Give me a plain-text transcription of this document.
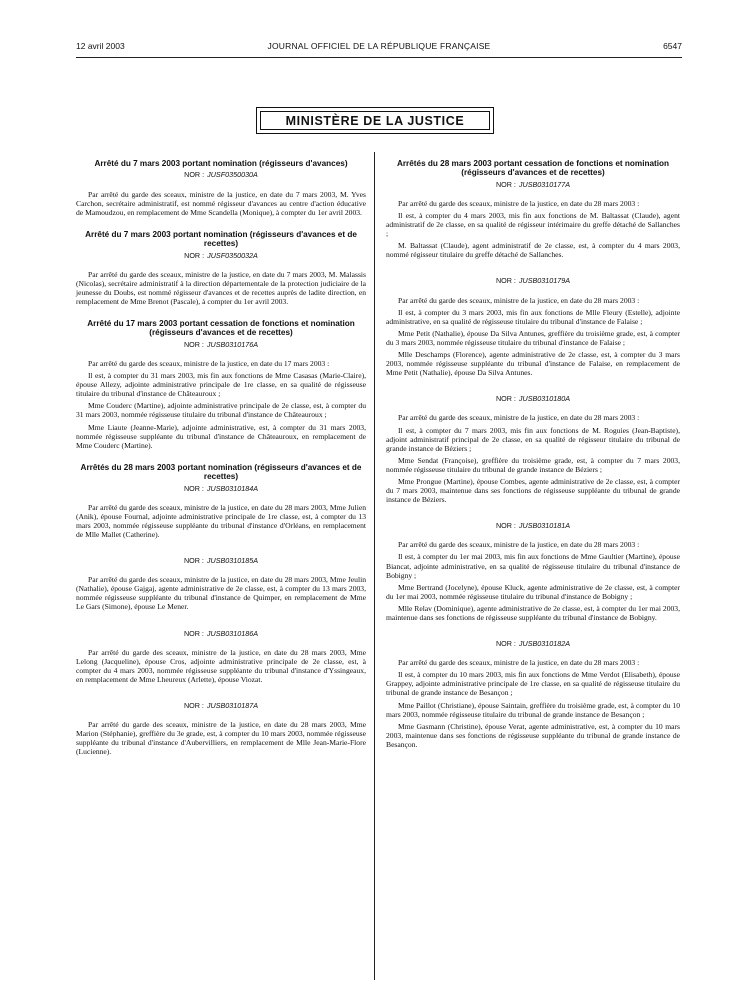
12 avril 2003	JOURNAL OFFICIEL DE LA RÉPUBLIQUE FRANÇAISE	6547
MINISTÈRE DE LA JUSTICE
Arrêté du 7 mars 2003 portant nomination (régisseurs d'avances)
NOR : JUSF0350030A

Par arrêté du garde des sceaux, ministre de la justice, en date du 7 mars 2003, M. Yves Carchon, secrétaire administratif, est nommé régisseur d'avances au centre d'action éducative de Mamoudzou, en remplacement de Mme Scandella (Monique), à compter du 1er avril 2003.

Arrêté du 7 mars 2003 portant nomination (régisseurs d'avances et de recettes)
NOR : JUSF0350032A

Par arrêté du garde des sceaux, ministre de la justice, en date du 7 mars 2003, M. Malassis (Nicolas), secrétaire administratif à la direction départementale de la protection judiciaire de la jeunesse du Doubs, est nommé régisseur d'avances et de recettes auprès de ladite direction, en remplacement de Mme Brenot (Pascale), à compter du 1er avril 2003.

Arrêté du 17 mars 2003 portant cessation de fonctions et nomination (régisseurs d'avances et de recettes)
NOR : JUSB0310176A

Par arrêté du garde des sceaux, ministre de la justice, en date du 17 mars 2003 :

Il est, à compter du 31 mars 2003, mis fin aux fonctions de Mme Casasas (Marie-Claire), épouse Allezy, adjointe administrative principale de 1re classe, en sa qualité de régisseuse titulaire du tribunal d'instance de Châteauroux ;

Mme Couderc (Martine), adjointe administrative principale de 2e classe, est, à compter du 31 mars 2003, nommée régisseuse titulaire du tribunal d'instance de Châteauroux ;

Mme Liaute (Jeanne-Marie), adjointe administrative, est, à compter du 31 mars 2003, nommée régisseuse suppléante du tribunal d'instance de Châteauroux, en remplacement de Mme Couderc (Martine).

Arrêtés du 28 mars 2003 portant nomination (régisseurs d'avances et de recettes)
NOR : JUSB0310184A

Par arrêté du garde des sceaux, ministre de la justice, en date du 28 mars 2003, Mme Julien (Anik), épouse Fournal, adjointe administrative principale de 1re classe, est, à compter du 13 mars 2003, nommée régisseuse suppléante du tribunal d'instance d'Orléans, en remplacement de Mlle Mallet (Catherine).

NOR : JUSB0310185A

Par arrêté du garde des sceaux, ministre de la justice, en date du 28 mars 2003, Mme Jeulin (Nathalie), épouse Gajgaj, agente administrative de 2e classe, est, à compter du 13 mars 2003, nommée régisseuse suppléante du tribunal d'instance de Quimper, en remplacement de Mme Le Gars (Simone), épouse Le Mener.

NOR : JUSB0310186A

Par arrêté du garde des sceaux, ministre de la justice, en date du 28 mars 2003, Mme Lelong (Jacqueline), épouse Cros, adjointe administrative principale de 2e classe, est, à compter du 4 mars 2003, nommée régisseuse suppléante du tribunal d'instance d'Yssingeaux, en remplacement de Mme Lheureux (Arlette), épouse Viozat.

NOR : JUSB0310187A

Par arrêté du garde des sceaux, ministre de la justice, en date du 28 mars 2003, Mme Marion (Stéphanie), greffière du 3e grade, est, à compter du 10 mars 2003, nommée régisseuse suppléante du tribunal d'instance d'Aubervilliers, en remplacement de Mlle Jean-Marie-Flore (Lucienne).

Arrêtés du 28 mars 2003 portant cessation de fonctions et nomination (régisseurs d'avances et de recettes)
NOR : JUSB0310177A

Par arrêté du garde des sceaux, ministre de la justice, en date du 28 mars 2003 :

Il est, à compter du 4 mars 2003, mis fin aux fonctions de M. Baltassat (Claude), agent administratif de 2e classe, en sa qualité de régisseur intérimaire du greffe détaché de Sallanches ;

M. Baltassat (Claude), agent administratif de 2e classe, est, à compter du 4 mars 2003, nommé régisseur titulaire du greffe détaché de Sallanches.

NOR : JUSB0310179A

Par arrêté du garde des sceaux, ministre de la justice, en date du 28 mars 2003 :

Il est, à compter du 3 mars 2003, mis fin aux fonctions de Mlle Fleury (Estelle), adjointe administrative, en sa qualité de régisseuse titulaire du tribunal d'instance de Falaise ;

Mme Petit (Nathalie), épouse Da Silva Antunes, greffière du troisième grade, est, à compter du 3 mars 2003, nommée régisseuse titulaire du tribunal d'instance de Falaise ;

Mlle Deschamps (Florence), agente administrative de 2e classe, est, à compter du 3 mars 2003, nommée régisseuse suppléante du tribunal d'instance de Falaise, en remplacement de Mme Petit (Nathalie), épouse Da Silva Antunes.

NOR : JUSB0310180A

Par arrêté du garde des sceaux, ministre de la justice, en date du 28 mars 2003 :

Il est, à compter du 7 mars 2003, mis fin aux fonctions de M. Roguies (Jean-Baptiste), adjoint administratif principal de 2e classe, en sa qualité de régisseur titulaire du tribunal de grande instance de Béziers ;

Mme Sendat (Françoise), greffière du troisième grade, est, à compter du 7 mars 2003, nommée régisseuse titulaire du tribunal de grande instance de Béziers ;

Mme Prongue (Martine), épouse Combes, agente administrative de 2e classe, est, à compter du 7 mars 2003, maintenue dans ses fonctions de régisseuse suppléante du tribunal de grande instance de Béziers.

NOR : JUSB0310181A

Par arrêté du garde des sceaux, ministre de la justice, en date du 28 mars 2003 :

Il est, à compter du 1er mai 2003, mis fin aux fonctions de Mme Gaultier (Martine), épouse Biancat, adjointe administrative, en sa qualité de régisseuse titulaire du tribunal d'instance de Bobigny ;

Mme Bertrand (Jocelyne), épouse Kluck, agente administrative de 2e classe, est, à compter du 1er mai 2003, nommée régisseuse titulaire du tribunal d'instance de Bobigny ;

Mlle Relav (Dominique), agente administrative de 2e classe, est, à compter du 1er mai 2003, maintenue dans ses fonctions de régisseuse suppléante du tribunal d'instance de Bobigny.

NOR : JUSB0310182A

Par arrêté du garde des sceaux, ministre de la justice, en date du 28 mars 2003 :

Il est, à compter du 10 mars 2003, mis fin aux fonctions de Mme Verdot (Elisabeth), épouse Grappey, adjointe administrative principale de 1re classe, en sa qualité de régisseuse titulaire du tribunal de grande instance de Besançon ;

Mme Paillot (Christiane), épouse Saintain, greffière du troisième grade, est, à compter du 10 mars 2003, nommée régisseuse titulaire du tribunal de grande instance de Besançon ;

Mme Gasmann (Christine), épouse Verat, agente administrative, est, à compter du 10 mars 2003, maintenue dans ses fonctions de régisseuse suppléante du tribunal de grande instance de Besançon.
